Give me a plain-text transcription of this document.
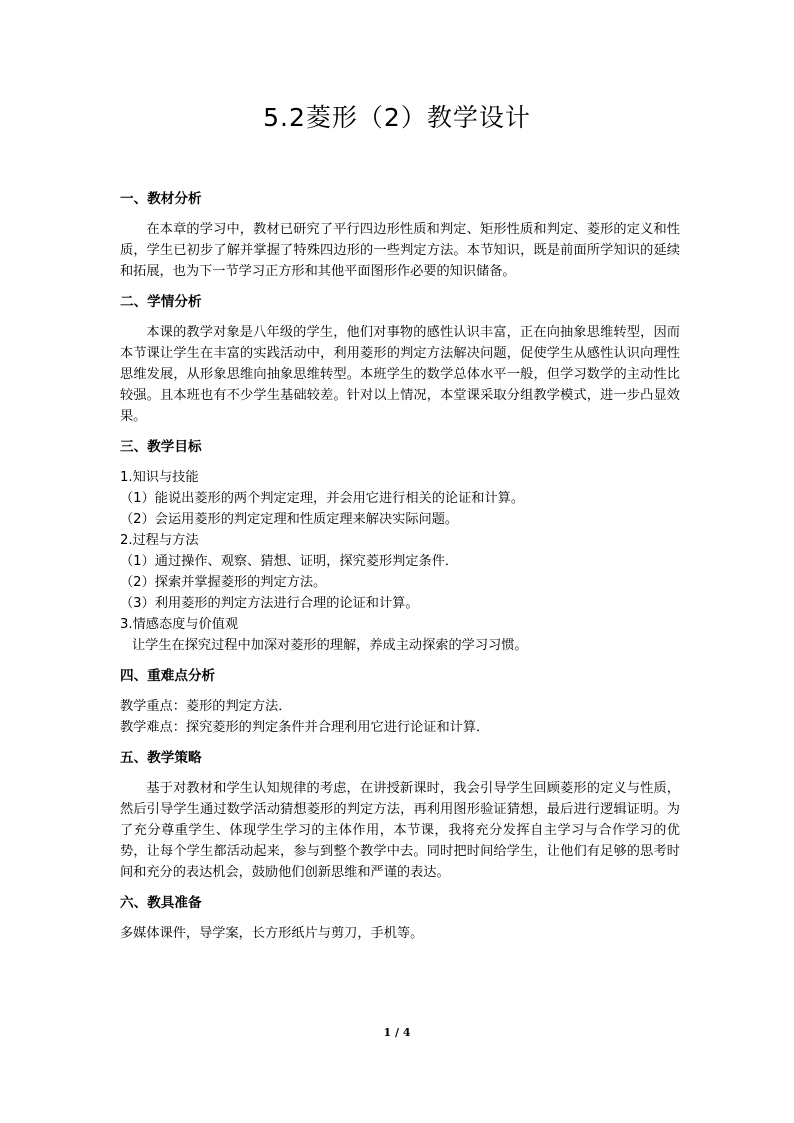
5.2菱形（2）教学设计

一、教材分析

在本章的学习中，教材已研究了平行四边形性质和判定、矩形性质和判定、菱形的定义和性质，学生已初步了解并掌握了特殊四边形的一些判定方法。本节知识，既是前面所学知识的延续和拓展，也为下一节学习正方形和其他平面图形作必要的知识储备。

二、学情分析

本课的教学对象是八年级的学生，他们对事物的感性认识丰富，正在向抽象思维转型，因而本节课让学生在丰富的实践活动中，利用菱形的判定方法解决问题，促使学生从感性认识向理性思维发展，从形象思维向抽象思维转型。本班学生的数学总体水平一般，但学习数学的主动性比较强。且本班也有不少学生基础较差。针对以上情况，本堂课采取分组教学模式，进一步凸显效果。

三、教学目标

1.知识与技能

（1）能说出菱形的两个判定定理，并会用它进行相关的论证和计算。

（2）会运用菱形的判定定理和性质定理来解决实际问题。

2.过程与方法

（1）通过操作、观察、猜想、证明，探究菱形判定条件．

（2）探索并掌握菱形的判定方法。

（3）利用菱形的判定方法进行合理的论证和计算。

3.情感态度与价值观

让学生在探究过程中加深对菱形的理解，养成主动探索的学习习惯。

四、重难点分析

教学重点：菱形的判定方法．

教学难点：探究菱形的判定条件并合理利用它进行论证和计算．

五、教学策略

基于对教材和学生认知规律的考虑，在讲授新课时，我会引导学生回顾菱形的定义与性质，然后引导学生通过数学活动猜想菱形的判定方法，再利用图形验证猜想，最后进行逻辑证明。为了充分尊重学生、体现学生学习的主体作用，本节课，我将充分发挥自主学习与合作学习的优势，让每个学生都活动起来，参与到整个教学中去。同时把时间给学生，让他们有足够的思考时间和充分的表达机会，鼓励他们创新思维和严谨的表达。

六、教具准备

多媒体课件，导学案，长方形纸片与剪刀，手机等。

1 / 4
